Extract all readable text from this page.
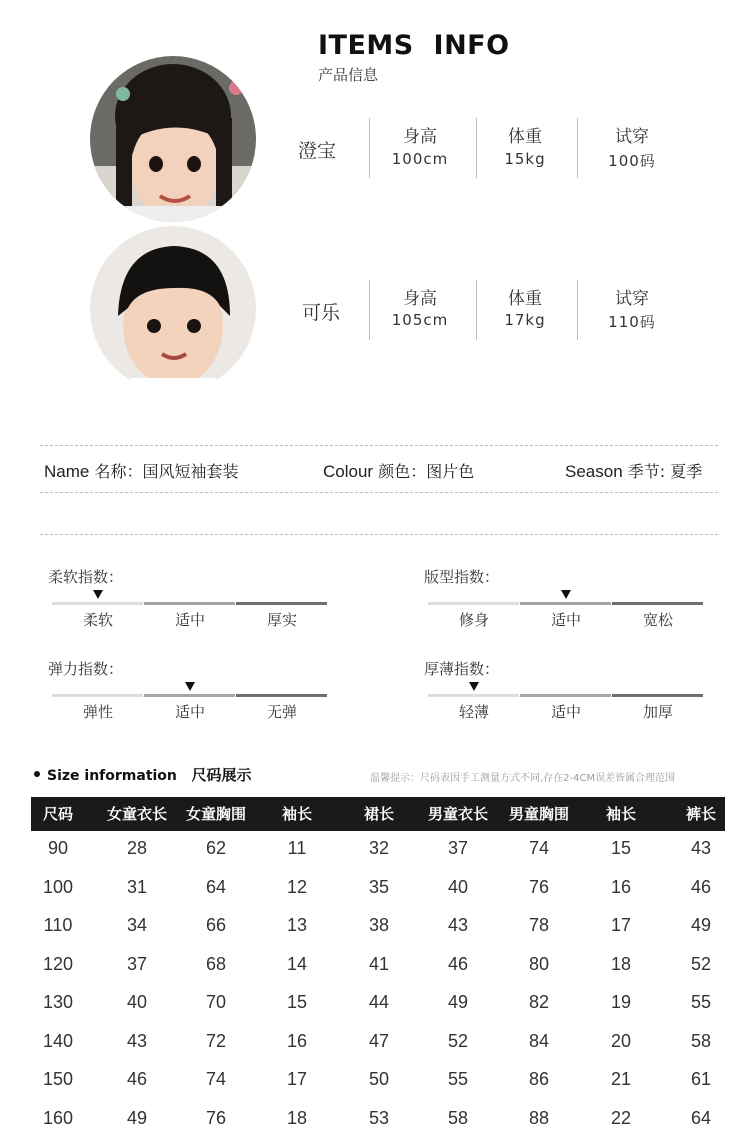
ITEMS  INFO
产品信息
澄宝
身高
100cm
体重
15kg
试穿
100码
可乐
身高
105cm
体重
17kg
试穿
110码
Name 名称：国风短袖套装	Colour 颜色：图片色	Season 季节: 夏季
柔软指数：
柔软	适中	厚实
版型指数：
修身	适中	宽松
弹力指数：
弹性	适中	无弹
厚薄指数：
轻薄	适中	加厚
Size information 尺码展示	温馨提示：尺码表因手工测量方式不同,存在2-4CM误差皆属合理范围
尺码	女童衣长	女童胸围	袖长	裙长	男童衣长	男童胸围	袖长	裤长
90	28	62	11	32	37	74	15	43
100	31	64	12	35	40	76	16	46
110	34	66	13	38	43	78	17	49
120	37	68	14	41	46	80	18	52
130	40	70	15	44	49	82	19	55
140	43	72	16	47	52	84	20	58
150	46	74	17	50	55	86	21	61
160	49	76	18	53	58	88	22	64
